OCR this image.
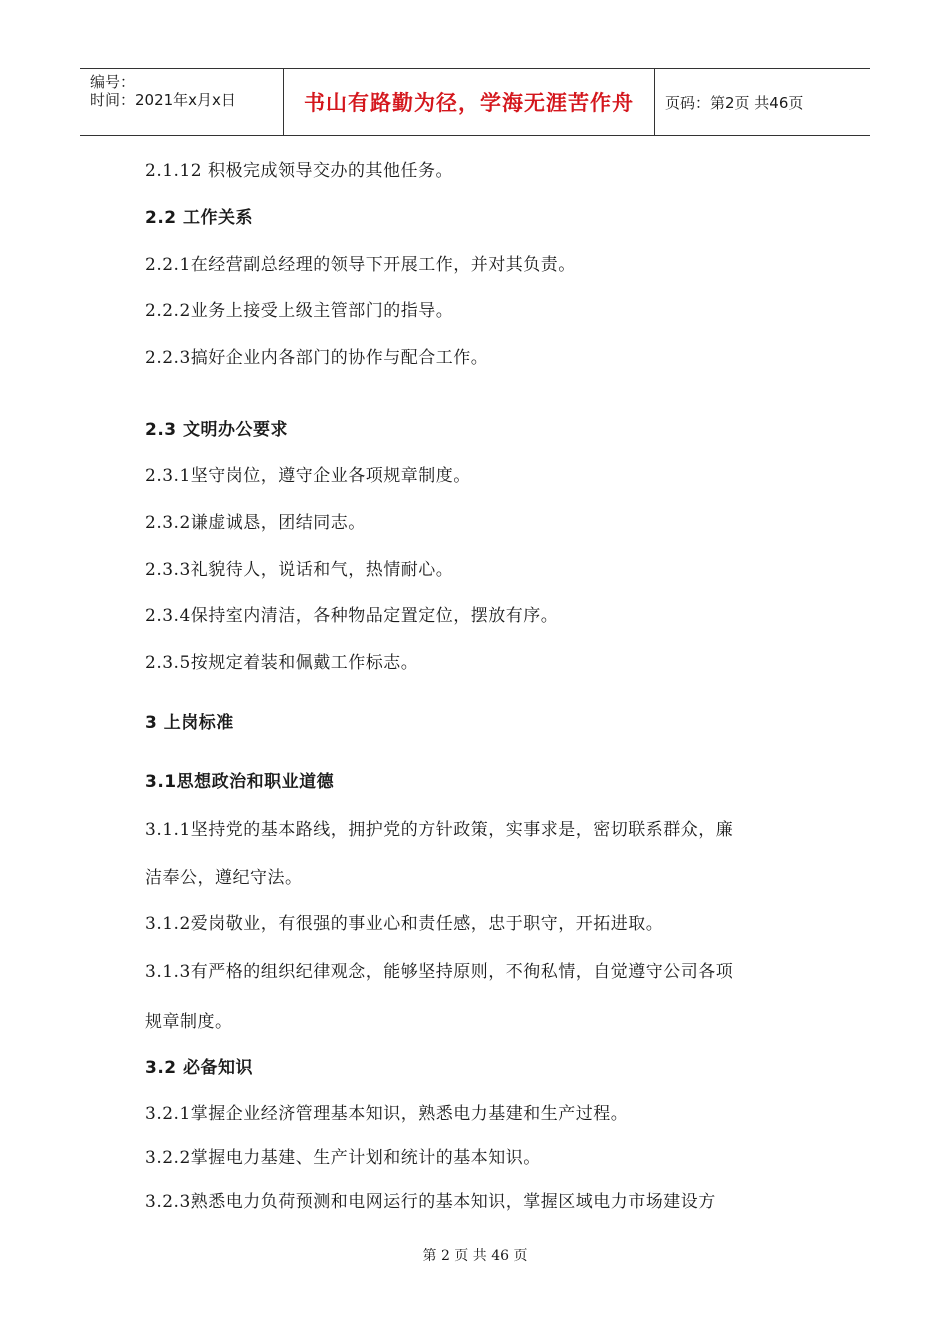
编号：
时间：2021年x月x日	书山有路勤为径，学海无涯苦作舟	页码：第2页 共46页
2.1.12 积极完成领导交办的其他任务。
2.2 工作关系
2.2.1在经营副总经理的领导下开展工作，并对其负责。
2.2.2业务上接受上级主管部门的指导。
2.2.3搞好企业内各部门的协作与配合工作。
2.3 文明办公要求
2.3.1坚守岗位，遵守企业各项规章制度。
2.3.2谦虚诚恳，团结同志。
2.3.3礼貌待人，说话和气，热情耐心。
2.3.4保持室内清洁，各种物品定置定位，摆放有序。
2.3.5按规定着装和佩戴工作标志。
3 上岗标准
3.1思想政治和职业道德
3.1.1坚持党的基本路线，拥护党的方针政策，实事求是，密切联系群众，廉
洁奉公，遵纪守法。
3.1.2爱岗敬业，有很强的事业心和责任感，忠于职守，开拓进取。
3.1.3有严格的组织纪律观念，能够坚持原则，不徇私情，自觉遵守公司各项
规章制度。
3.2 必备知识
3.2.1掌握企业经济管理基本知识，熟悉电力基建和生产过程。
3.2.2掌握电力基建、生产计划和统计的基本知识。
3.2.3熟悉电力负荷预测和电网运行的基本知识，掌握区域电力市场建设方
第 2 页 共 46 页
